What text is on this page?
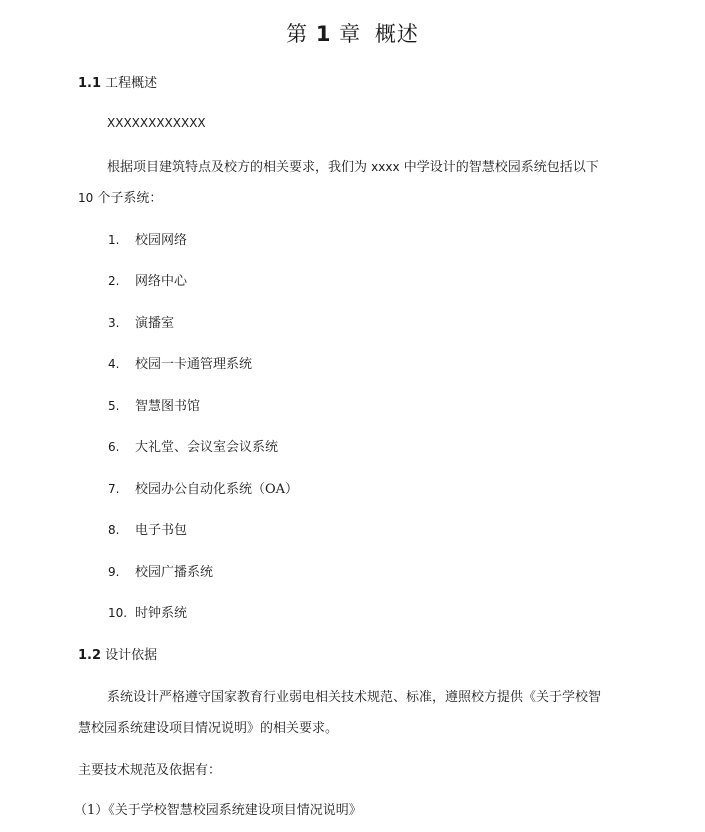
第 1 章 概述
1.1 工程概述
XXXXXXXXXXXX
根据项目建筑特点及校方的相关要求，我们为 xxxx 中学设计的智慧校园系统包括以下
10 个子系统：
1. 校园网络
2. 网络中心
3. 演播室
4. 校园一卡通管理系统
5. 智慧图书馆
6. 大礼堂、会议室会议系统
7. 校园办公自动化系统（OA）
8. 电子书包
9. 校园广播系统
10. 时钟系统
1.2 设计依据
系统设计严格遵守国家教育行业弱电相关技术规范、标准，遵照校方提供《关于学校智
慧校园系统建设项目情况说明》的相关要求。
主要技术规范及依据有：
（1）《关于学校智慧校园系统建设项目情况说明》
